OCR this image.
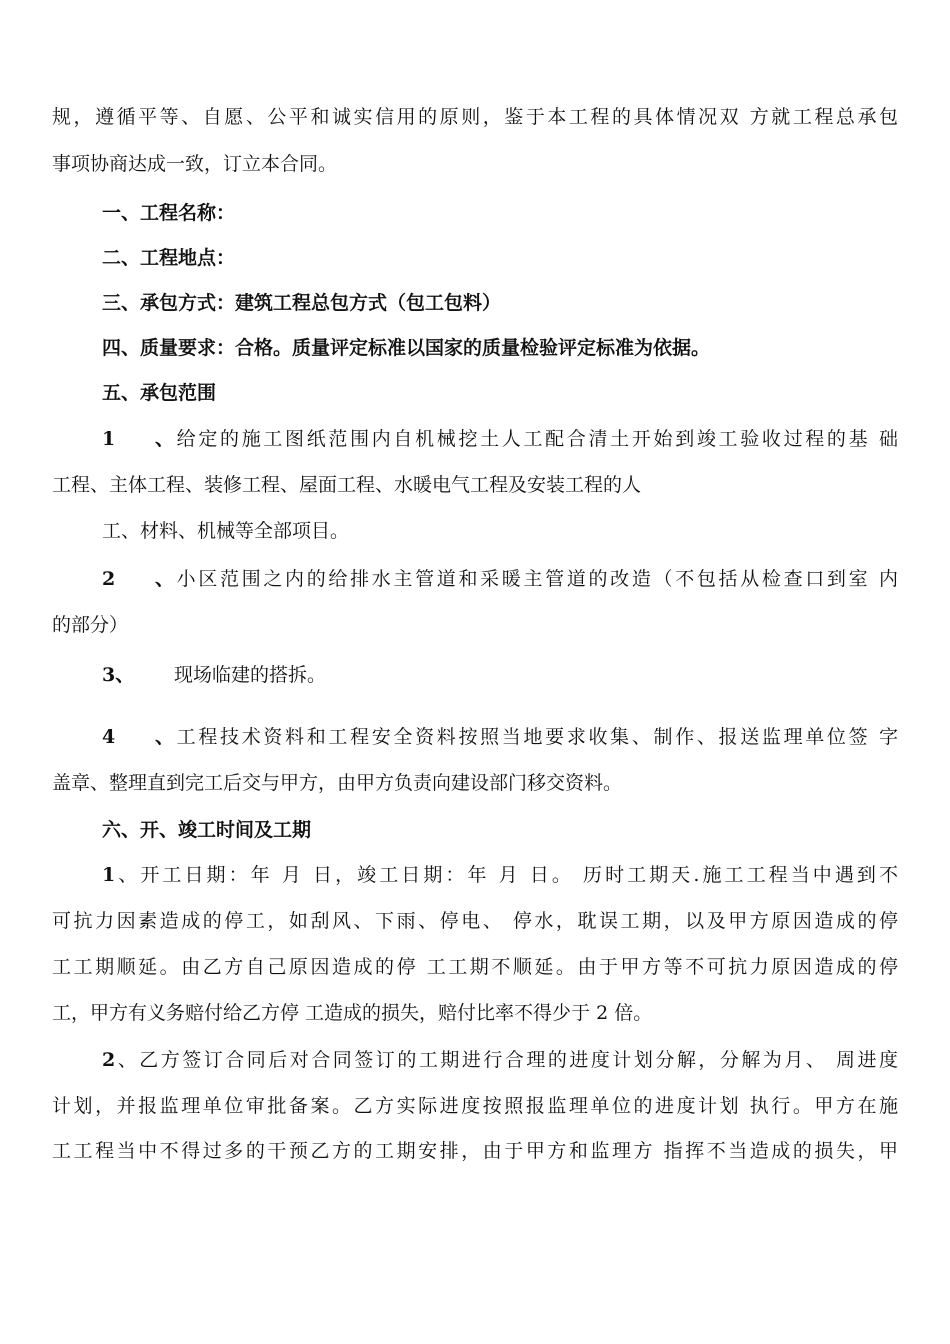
规，遵循平等、自愿、公平和诚实信用的原则，鉴于本工程的具体情况双 方就工程总承包

事项协商达成一致，订立本合同。

一、工程名称：

二、工程地点：

三、承包方式：建筑工程总包方式（包工包料）

四、质量要求：合格。质量评定标准以国家的质量检验评定标准为依据。

五、承包范围

1、给定的施工图纸范围内自机械挖土人工配合清土开始到竣工验收过程的基 础

工程、主体工程、装修工程、屋面工程、水暖电气工程及安装工程的人

工、材料、机械等全部项目。

2、小区范围之内的给排水主管道和采暖主管道的改造（不包括从检查口到室 内

的部分）

3、 现场临建的搭拆。

4、工程技术资料和工程安全资料按照当地要求收集、制作、报送监理单位签 字

盖章、整理直到完工后交与甲方，由甲方负责向建设部门移交资料。

六、开、竣工时间及工期

1、开工日期：年 月 日，竣工日期：年 月 日。 历时工期天.施工工程当中遇到不

可抗力因素造成的停工，如刮风、下雨、停电、 停水，耽误工期，以及甲方原因造成的停

工工期顺延。由乙方自己原因造成的停 工工期不顺延。由于甲方等不可抗力原因造成的停

工，甲方有义务赔付给乙方停 工造成的损失，赔付比率不得少于 2 倍。

2、乙方签订合同后对合同签订的工期进行合理的进度计划分解，分解为月、 周进度

计划，并报监理单位审批备案。乙方实际进度按照报监理单位的进度计划 执行。甲方在施

工工程当中不得过多的干预乙方的工期安排，由于甲方和监理方 指挥不当造成的损失，甲
